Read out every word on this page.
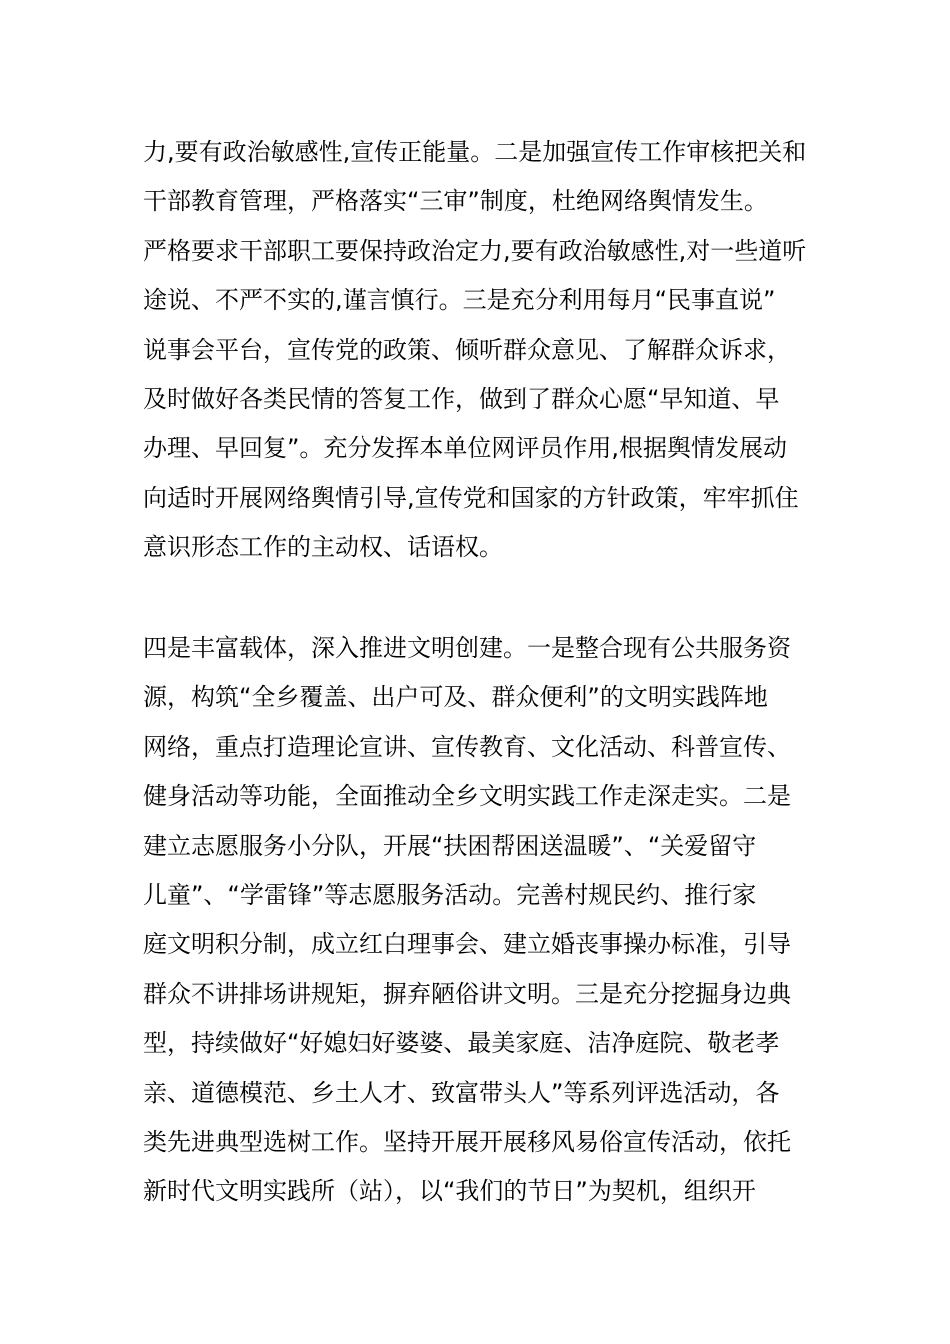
力,要有政治敏感性,宣传正能量。二是加强宣传工作审核把关和
干部教育管理，严格落实“三审”制度，杜绝网络舆情发生。
严格要求干部职工要保持政治定力,要有政治敏感性,对一些道听
途说、不严不实的,谨言慎行。三是充分利用每月“民事直说”
说事会平台，宣传党的政策、倾听群众意见、了解群众诉求，
及时做好各类民情的答复工作，做到了群众心愿“早知道、早
办理、早回复”。充分发挥本单位网评员作用,根据舆情发展动
向适时开展网络舆情引导,宣传党和国家的方针政策，牢牢抓住
意识形态工作的主动权、话语权。

四是丰富载体，深入推进文明创建。一是整合现有公共服务资
源，构筑“全乡覆盖、出户可及、群众便利”的文明实践阵地
网络，重点打造理论宣讲、宣传教育、文化活动、科普宣传、
健身活动等功能，全面推动全乡文明实践工作走深走实。二是
建立志愿服务小分队，开展“扶困帮困送温暖”、“关爱留守
儿童”、“学雷锋”等志愿服务活动。完善村规民约、推行家
庭文明积分制，成立红白理事会、建立婚丧事操办标准，引导
群众不讲排场讲规矩，摒弃陋俗讲文明。三是充分挖掘身边典
型，持续做好“好媳妇好婆婆、最美家庭、洁净庭院、敬老孝
亲、道德模范、乡土人才、致富带头人”等系列评选活动，各
类先进典型选树工作。坚持开展开展移风易俗宣传活动，依托
新时代文明实践所（站），以“我们的节日”为契机，组织开
